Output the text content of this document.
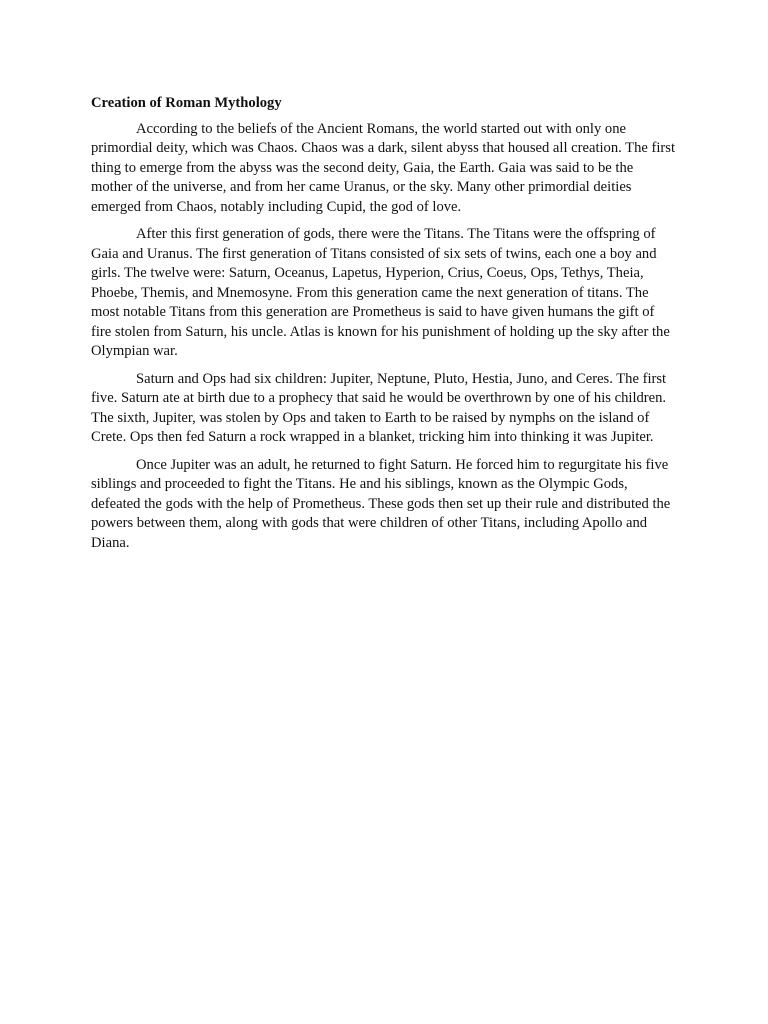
Creation of Roman Mythology

According to the beliefs of the Ancient Romans, the world started out with only one primordial deity, which was Chaos. Chaos was a dark, silent abyss that housed all creation. The first thing to emerge from the abyss was the second deity, Gaia, the Earth. Gaia was said to be the mother of the universe, and from her came Uranus, or the sky. Many other primordial deities emerged from Chaos, notably including Cupid, the god of love.

After this first generation of gods, there were the Titans. The Titans were the offspring of Gaia and Uranus. The first generation of Titans consisted of six sets of twins, each one a boy and girls. The twelve were: Saturn, Oceanus, Lapetus, Hyperion, Crius, Coeus, Ops, Tethys, Theia, Phoebe, Themis, and Mnemosyne. From this generation came the next generation of titans. The most notable Titans from this generation are Prometheus is said to have given humans the gift of fire stolen from Saturn, his uncle. Atlas is known for his punishment of holding up the sky after the Olympian war.

Saturn and Ops had six children: Jupiter, Neptune, Pluto, Hestia, Juno, and Ceres. The first five. Saturn ate at birth due to a prophecy that said he would be overthrown by one of his children. The sixth, Jupiter, was stolen by Ops and taken to Earth to be raised by nymphs on the island of Crete. Ops then fed Saturn a rock wrapped in a blanket, tricking him into thinking it was Jupiter.

Once Jupiter was an adult, he returned to fight Saturn. He forced him to regurgitate his five siblings and proceeded to fight the Titans. He and his siblings, known as the Olympic Gods, defeated the gods with the help of Prometheus. These gods then set up their rule and distributed the powers between them, along with gods that were children of other Titans, including Apollo and Diana.
